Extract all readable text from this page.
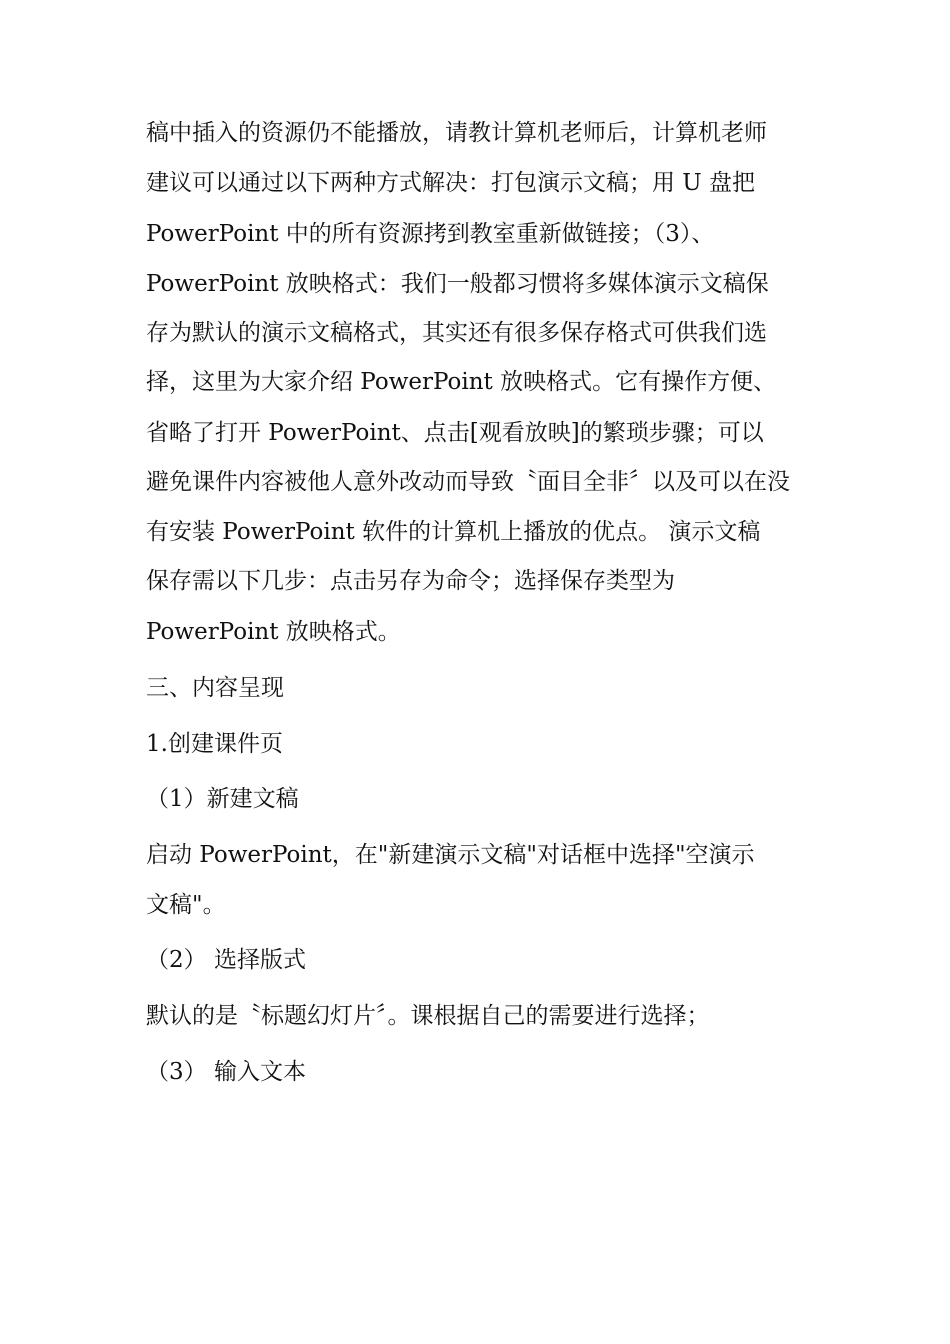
稿中插入的资源仍不能播放，请教计算机老师后，计算机老师

建议可以通过以下两种方式解决：打包演示文稿；用 U 盘把

PowerPoint 中的所有资源拷到教室重新做链接；（3）、

PowerPoint 放映格式：我们一般都习惯将多媒体演示文稿保

存为默认的演示文稿格式，其实还有很多保存格式可供我们选

择，这里为大家介绍 PowerPoint 放映格式。它有操作方便、

省略了打开 PowerPoint、点击[观看放映]的繁琐步骤；可以

避免课件内容被他人意外改动而导致〝面目全非〞以及可以在没

有安装 PowerPoint 软件的计算机上播放的优点。 演示文稿

保存需以下几步：点击另存为命令；选择保存类型为

PowerPoint 放映格式。

三、内容呈现

1.创建课件页

（1）新建文稿

启动 PowerPoint，在"新建演示文稿"对话框中选择"空演示

文稿"。

（2） 选择版式

默认的是〝标题幻灯片〞。课根据自己的需要进行选择；

（3） 输入文本
